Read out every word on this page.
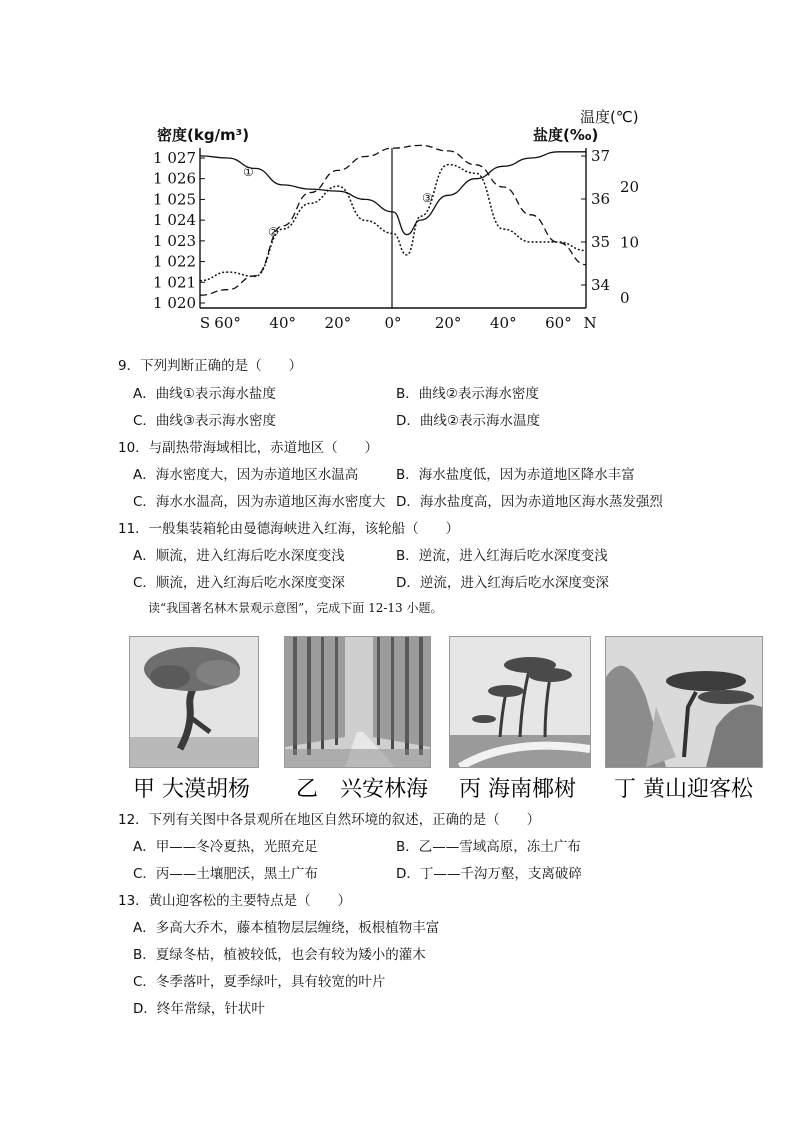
密度(kg/m³)	盐度(‰)
温度(℃)
1 027
1 026
1 025
1 024
1 023
1 022
1 021
1 020
37
36
35
34
20
10
0
S 60° 40° 20° 0° 20° 40° 60° N
①
②
③
9．下列判断正确的是（　　）
A．曲线①表示海水盐度	B．曲线②表示海水密度
C．曲线③表示海水密度	D．曲线②表示海水温度
10．与副热带海域相比，赤道地区（　　）
A．海水密度大，因为赤道地区水温高	B．海水盐度低，因为赤道地区降水丰富
C．海水水温高，因为赤道地区海水密度大 D．海水盐度高，因为赤道地区海水蒸发强烈
11．一般集装箱轮由曼德海峡进入红海，该轮船（　　）
A．顺流，进入红海后吃水深度变浅	B．逆流，进入红海后吃水深度变浅
C．顺流，进入红海后吃水深度变深	D．逆流，进入红海后吃水深度变深
读“我国著名林木景观示意图”，完成下面 12-13 小题。
甲 大漠胡杨 乙　兴安林海 丙 海南椰树 丁 黄山迎客松
12．下列有关图中各景观所在地区自然环境的叙述，正确的是（　　）
A．甲——冬冷夏热，光照充足	B．乙——雪域高原，冻土广布
C．丙——土壤肥沃，黑土广布	D．丁——千沟万壑，支离破碎
13．黄山迎客松的主要特点是（　　）
A．多高大乔木，藤本植物层层缠绕，板根植物丰富
B．夏绿冬枯，植被较低，也会有较为矮小的灌木
C．冬季落叶，夏季绿叶，具有较宽的叶片
D．终年常绿，针状叶
